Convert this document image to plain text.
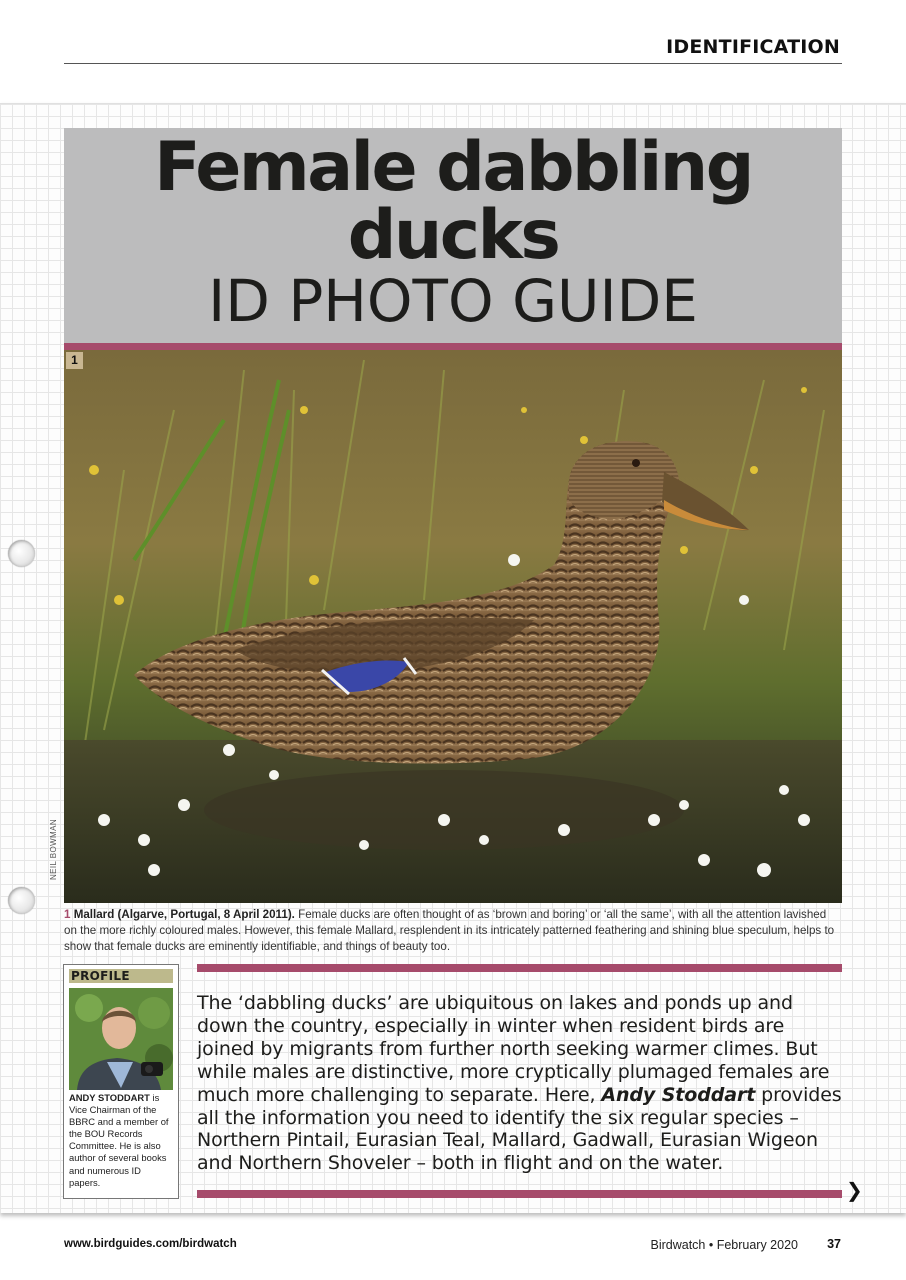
IDENTIFICATION
Female dabbling
ducks
ID PHOTO GUIDE
1
NEIL BOWMAN
1 Mallard (Algarve, Portugal, 8 April 2011). Female ducks are often thought of as ‘brown and boring’ or ‘all the same’, with all the attention lavished on the more richly coloured males. However, this female Mallard, resplendent in its intricately patterned feathering and shining blue speculum, helps to show that female ducks are eminently identifiable, and things of beauty too.
PROFILE
ANDY STODDART is Vice Chairman of the BBRC and a member of the BOU Records Committee. He is also author of several books and numerous ID papers.
The ‘dabbling ducks’ are ubiquitous on lakes and ponds up and down the country, especially in winter when resident birds are joined by migrants from further north seeking warmer climes. But while males are distinctive, more cryptically plumaged females are much more challenging to separate. Here, Andy Stoddart provides all the information you need to identify the six regular species – Northern Pintail, Eurasian Teal, Mallard, Gadwall, Eurasian Wigeon and Northern Shoveler – both in flight and on the water.
❯
www.birdguides.com/birdwatch	Birdwatch • February 2020 37
